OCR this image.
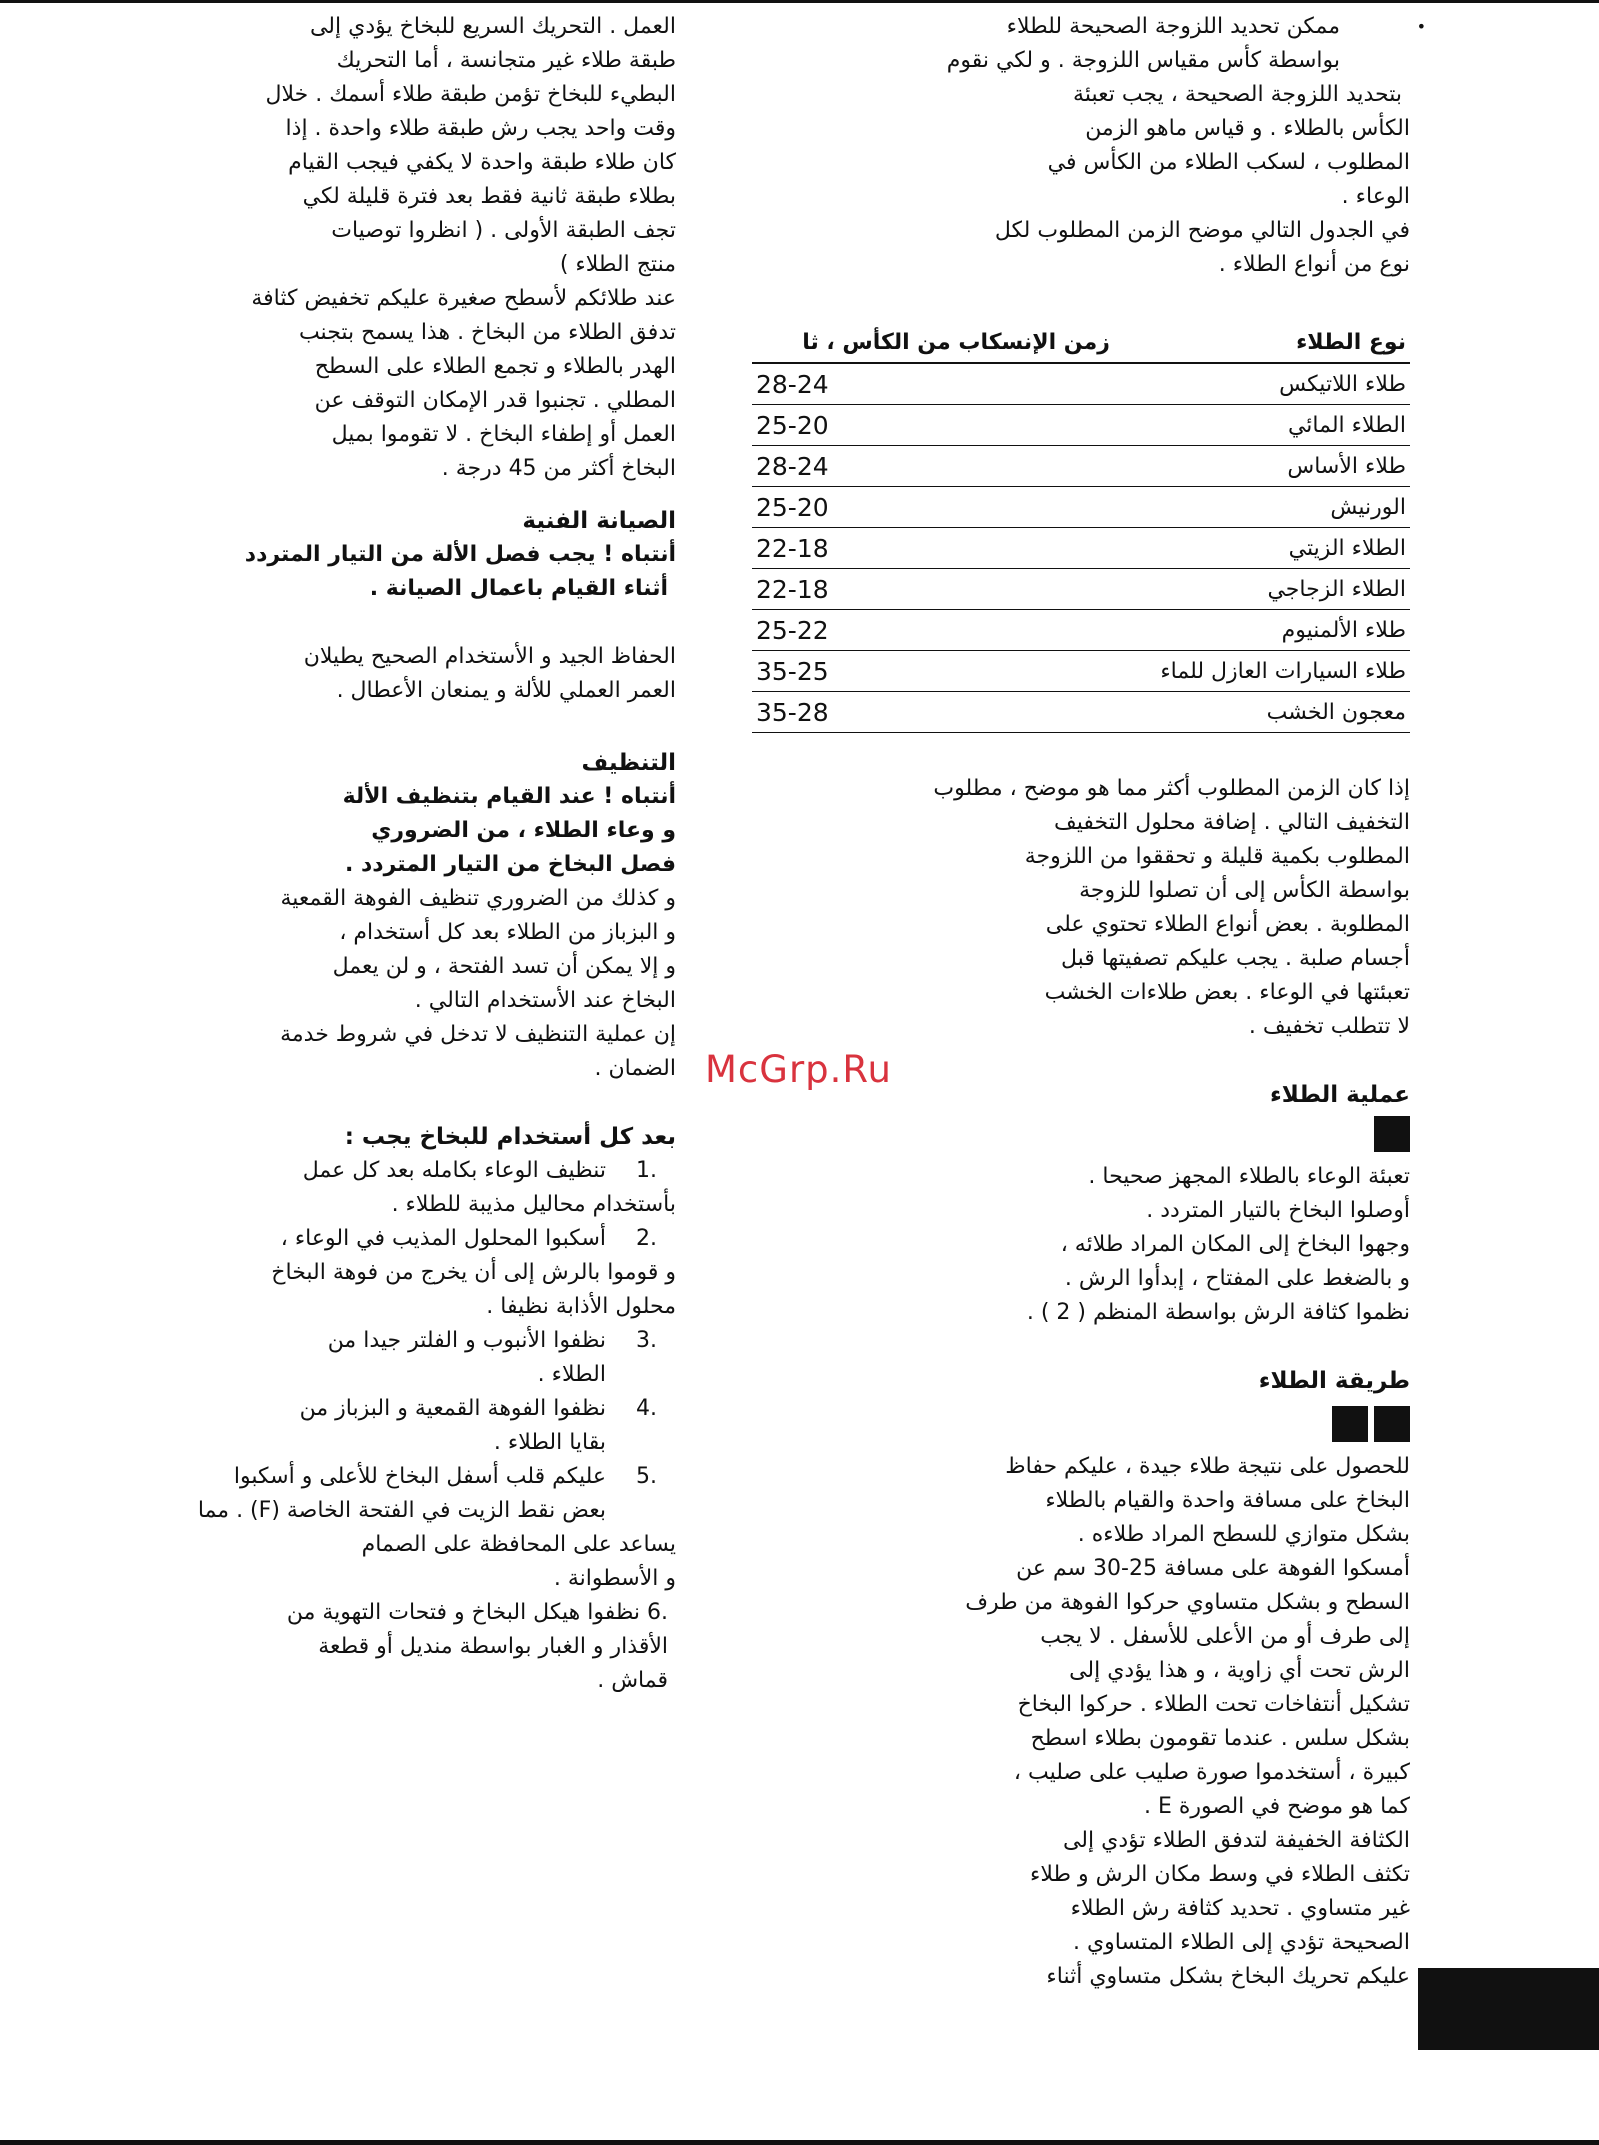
•
ممكن تحديد اللزوجة الصحيحة للطلاء
بواسطة كأس مقياس اللزوجة . و لكي نقوم
بتحديد اللزوجة الصحيحة ، يجب تعبئة
الكأس بالطلاء . و قياس ماهو الزمن
المطلوب ، لسكب الطلاء من الكأس في
الوعاء .
في الجدول التالي موضح الزمن المطلوب لكل
نوع من أنواع الطلاء .
نوع الطلاء	زمن الإنسكاب من الكأس ، ثا
طلاء اللاتيكس	28-24
الطلاء المائي	25-20
طلاء الأساس	28-24
الورنيش	25-20
الطلاء الزيتي	22-18
الطلاء الزجاجي	22-18
طلاء الألمنيوم	25-22
طلاء السيارات العازل للماء	35-25
معجون الخشب	35-28
إذا كان الزمن المطلوب أكثر مما هو موضح ، مطلوب
التخفيف التالي . إضافة محلول التخفيف
المطلوب بكمية قليلة و تحققوا من اللزوجة
بواسطة الكأس إلى أن تصلوا للزوجة
المطلوبة . بعض أنواع الطلاء تحتوي على
أجسام صلبة . يجب عليكم تصفيتها قبل
تعبئتها في الوعاء . بعض طلاءات الخشب
لا تتطلب تخفيف .
عملية الطلاء
تعبئة الوعاء بالطلاء المجهز صحيحا .
أوصلوا البخاخ بالتيار المتردد .
وجهوا البخاخ إلى المكان المراد طلائه ،
و بالضغط على المفتاح ، إبدأوا الرش .
نظموا كثافة الرش بواسطة المنظم ( 2 ) .
طريقة الطلاء
للحصول على نتيجة طلاء جيدة ، عليكم حفاظ
البخاخ على مسافة واحدة والقيام بالطلاء
بشكل متوازي للسطح المراد طلاءه .
أمسكوا الفوهة على مسافة 25-30 سم عن
السطح و بشكل متساوي حركوا الفوهة من طرف
إلى طرف أو من الأعلى للأسفل . لا يجب
الرش تحت أي زاوية ، و هذا يؤدي إلى
تشكيل أنتفاخات تحت الطلاء . حركوا البخاخ
بشكل سلس . عندما تقومون بطلاء اسطح
كبيرة ، أستخدموا صورة صليب على صليب ،
كما هو موضح في الصورة E .
الكثافة الخفيفة لتدفق الطلاء تؤدي إلى
تكثف الطلاء في وسط مكان الرش و طلاء
غير متساوي . تحديد كثافة رش الطلاء
الصحيحة تؤدي إلى الطلاء المتساوي .
عليكم تحريك البخاخ بشكل متساوي أثناء
العمل . التحريك السريع للبخاخ يؤدي إلى
طبقة طلاء غير متجانسة ، أما التحريك
البطيء للبخاخ تؤمن طبقة طلاء أسمك . خلال
وقت واحد يجب رش طبقة طلاء واحدة . إذا
كان طلاء طبقة واحدة لا يكفي فيجب القيام
بطلاء طبقة ثانية فقط بعد فترة قليلة لكي
تجف الطبقة الأولى . ( انظروا توصيات
منتج الطلاء )
عند طلائكم لأسطح صغيرة عليكم تخفيض كثافة
تدفق الطلاء من البخاخ . هذا يسمح بتجنب
الهدر بالطلاء و تجمع الطلاء على السطح
المطلي . تجنبوا قدر الإمكان التوقف عن
العمل أو إطفاء البخاخ . لا تقوموا بميل
البخاخ أكثر من 45 درجة .
الصيانة الفنية
أنتباه ! يجب فصل الألة من التيار المتردد
أثناء القيام باعمال الصيانة .
الحفاظ الجيد و الأستخدام الصحيح يطيلان
العمر العملي للألة و يمنعان الأعطال .
التنظيف
أنتباه ! عند القيام بتنظيف الألة
و وعاء الطلاء ، من الضروري
فصل البخاخ من التيار المتردد .
و كذلك من الضروري تنظيف الفوهة القمعية
و البزباز من الطلاء بعد كل أستخدام ،
و إلا يمكن أن تسد الفتحة ، و لن يعمل
البخاخ عند الأستخدام التالي .
إن عملية التنظيف لا تدخل في شروط خدمة
الضمان .
بعد كل أستخدام للبخاخ يجب :
1.
تنظيف الوعاء بكامله بعد كل عمل
بأستخدام محاليل مذيبة للطلاء .
2.
أسكبوا المحلول المذيب في الوعاء ،
و قوموا بالرش إلى أن يخرج من فوهة البخاخ
محلول الأذابة نظيفا .
3.
نظفوا الأنبوب و الفلتر جيدا من
الطلاء .
4.
نظفوا الفوهة القمعية و البزباز من
بقايا الطلاء .
5.
عليكم قلب أسفل البخاخ للأعلى و أسكبوا
بعض نقط الزيت في الفتحة الخاصة (F) . مما
يساعد على المحافظة على الصمام
و الأسطوانة .
.6 نظفوا هيكل البخاخ و فتحات التهوية من
الأقذار و الغبار بواسطة منديل أو قطعة
قماش .
McGrp.Ru
